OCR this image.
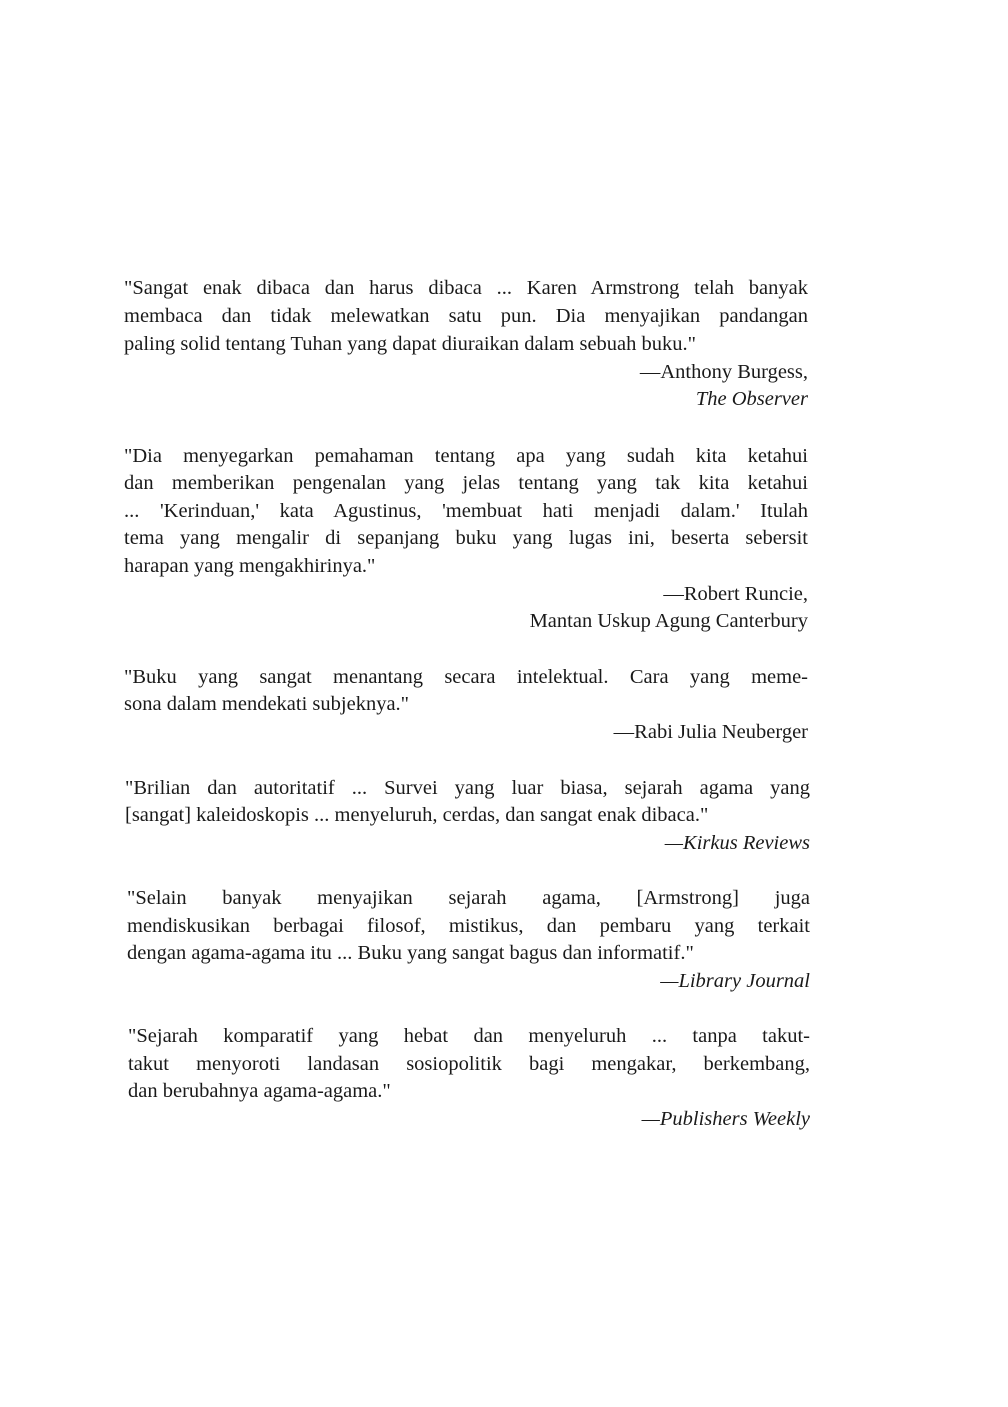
"Sangat enak dibaca dan harus dibaca ... Karen Armstrong telah banyak
membaca dan tidak melewatkan satu pun. Dia menyajikan pandangan
paling solid tentang Tuhan yang dapat diuraikan dalam sebuah buku."
—Anthony Burgess,
The Observer
"Dia menyegarkan pemahaman tentang apa yang sudah kita ketahui
dan memberikan pengenalan yang jelas tentang yang tak kita ketahui
... 'Kerinduan,' kata Agustinus, 'membuat hati menjadi dalam.' Itulah
tema yang mengalir di sepanjang buku yang lugas ini, beserta sebersit
harapan yang mengakhirinya."
—Robert Runcie,
Mantan Uskup Agung Canterbury
"Buku yang sangat menantang secara intelektual. Cara yang meme-
sona dalam mendekati subjeknya."
—Rabi Julia Neuberger
"Brilian dan autoritatif ... Survei yang luar biasa, sejarah agama yang
[sangat] kaleidoskopis ... menyeluruh, cerdas, dan sangat enak dibaca."
—Kirkus Reviews
"Selain banyak menyajikan sejarah agama, [Armstrong] juga
mendiskusikan berbagai filosof, mistikus, dan pembaru yang terkait
dengan agama-agama itu ... Buku yang sangat bagus dan informatif."
—Library Journal
"Sejarah komparatif yang hebat dan menyeluruh ... tanpa takut-
takut menyoroti landasan sosiopolitik bagi mengakar, berkembang,
dan berubahnya agama-agama."
—Publishers Weekly
